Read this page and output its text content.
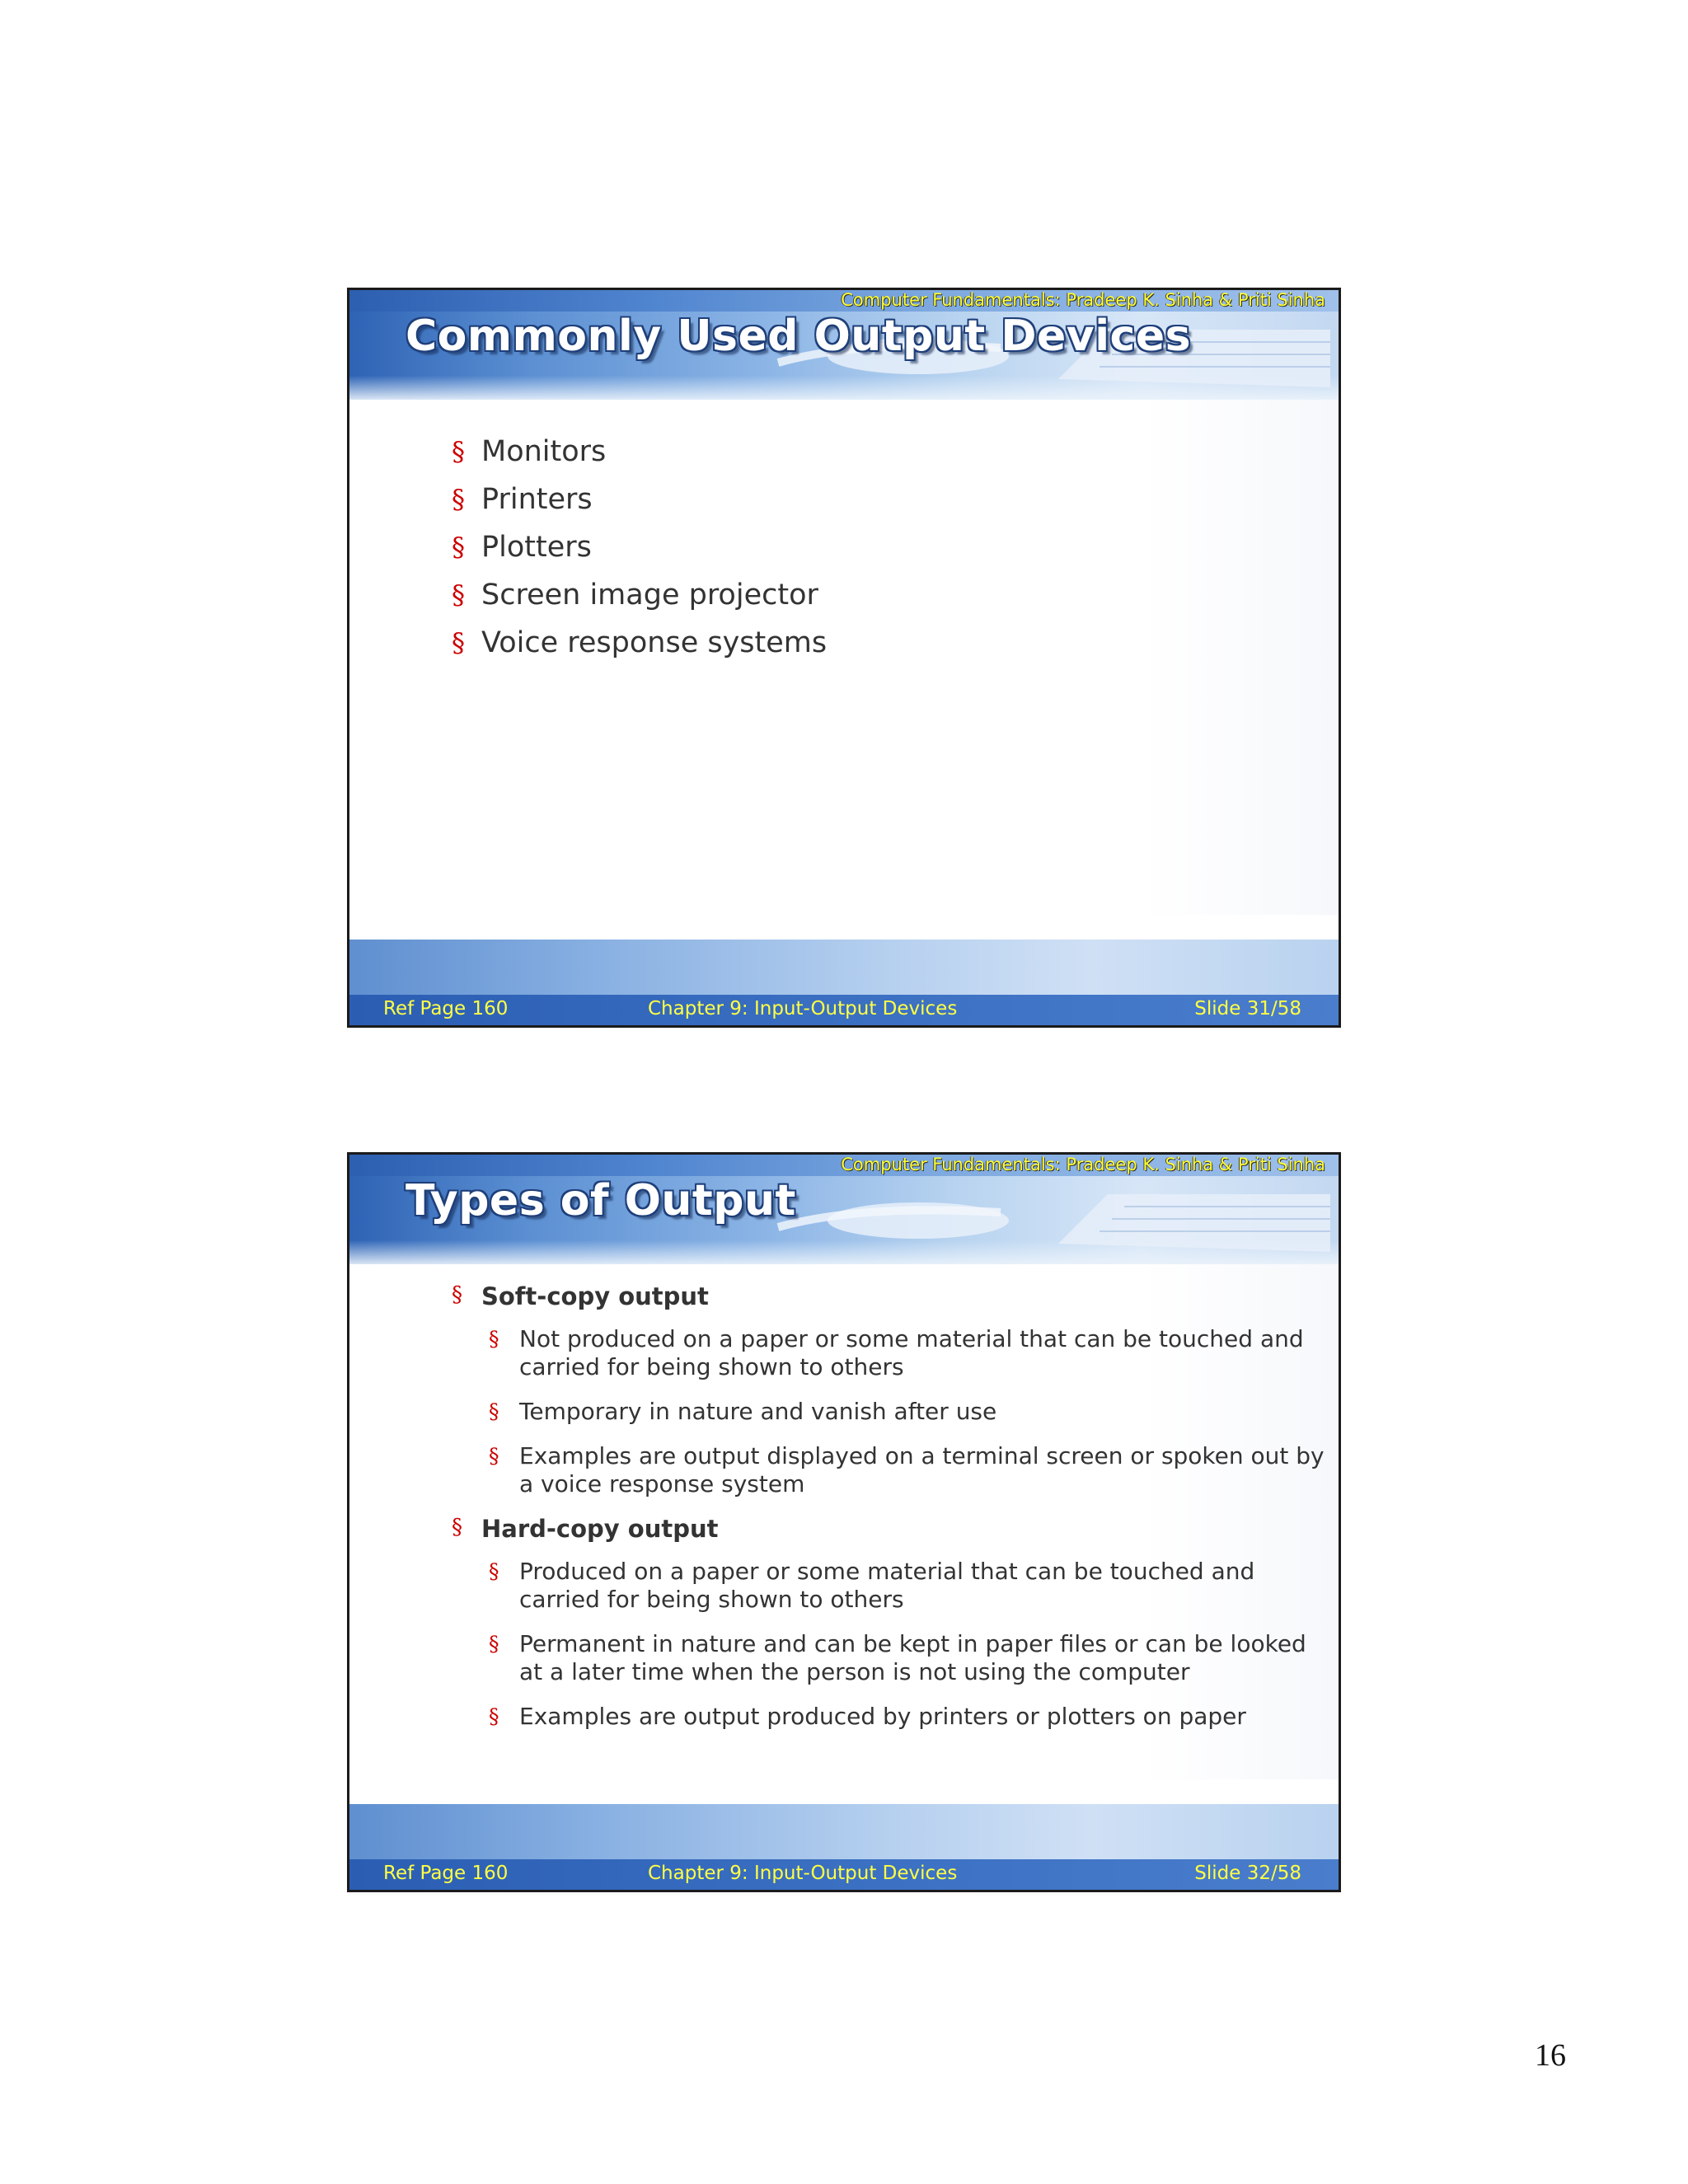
Computer Fundamentals: Pradeep K. Sinha & Priti Sinha
Commonly Used Output Devices
§ Monitors
§ Printers
§ Plotters
§ Screen image projector
§ Voice response systems
Ref Page 160	Chapter 9: Input-Output Devices	Slide 31/58
Computer Fundamentals: Pradeep K. Sinha & Priti Sinha
Types of Output
§ Soft-copy output
§ Not produced on a paper or some material that can be touched and carried for being shown to others
§ Temporary in nature and vanish after use
§ Examples are output displayed on a terminal screen or spoken out by a voice response system
§ Hard-copy output
§ Produced on a paper or some material that can be touched and carried for being shown to others
§ Permanent in nature and can be kept in paper files or can be looked at a later time when the person is not using the computer
§ Examples are output produced by printers or plotters on paper
Ref Page 160	Chapter 9: Input-Output Devices	Slide 32/58
16
